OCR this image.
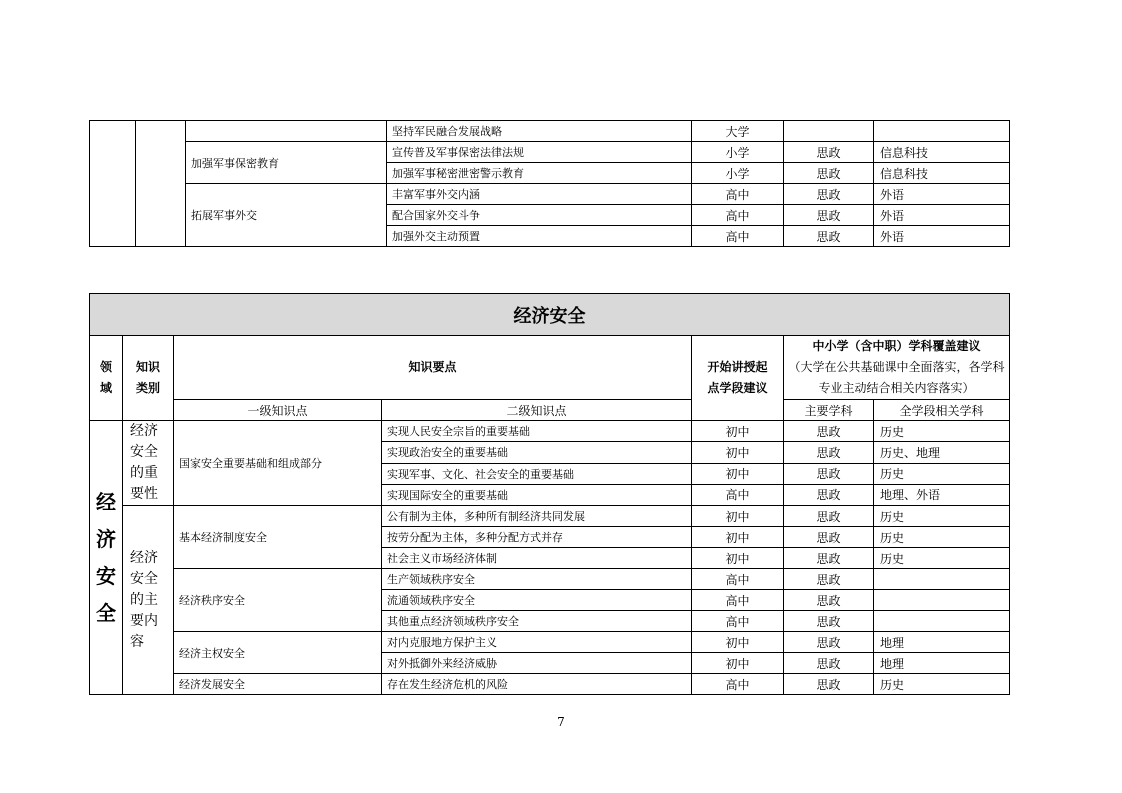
			坚持军民融合发展战略	大学		
		加强军事保密教育	宣传普及军事保密法律法规	小学	思政	信息科技
			加强军事秘密泄密警示教育	小学	思政	信息科技
		拓展军事外交	丰富军事外交内涵	高中	思政	外语
			配合国家外交斗争	高中	思政	外语
			加强外交主动预置	高中	思政	外语
经济安全						
领域	知识类别	知识要点		开始讲授起点学段建议	中小学（含中职）学科覆盖建议
（大学在公共基础课中全面落实，各学科专业主动结合相关内容落实）	

		一级知识点	二级知识点		主要学科	全学段相关学科
经济安全	经济安全的重要性	国家安全重要基础和组成部分	实现人民安全宗旨的重要基础	初中	思政	历史
			实现政治安全的重要基础	初中	思政	历史、地理
			实现军事、文化、社会安全的重要基础	初中	思政	历史
			实现国际安全的重要基础	高中	思政	地理、外语
	经济安全的主要内容	基本经济制度安全	公有制为主体，多种所有制经济共同发展	初中	思政	历史
			按劳分配为主体，多种分配方式并存	初中	思政	历史
			社会主义市场经济体制	初中	思政	历史
		经济秩序安全	生产领域秩序安全	高中	思政	
			流通领域秩序安全	高中	思政	
			其他重点经济领域秩序安全	高中	思政	
		经济主权安全	对内克服地方保护主义	初中	思政	地理
			对外抵御外来经济威胁	初中	思政	地理
		经济发展安全	存在发生经济危机的风险	高中	思政	历史
7
